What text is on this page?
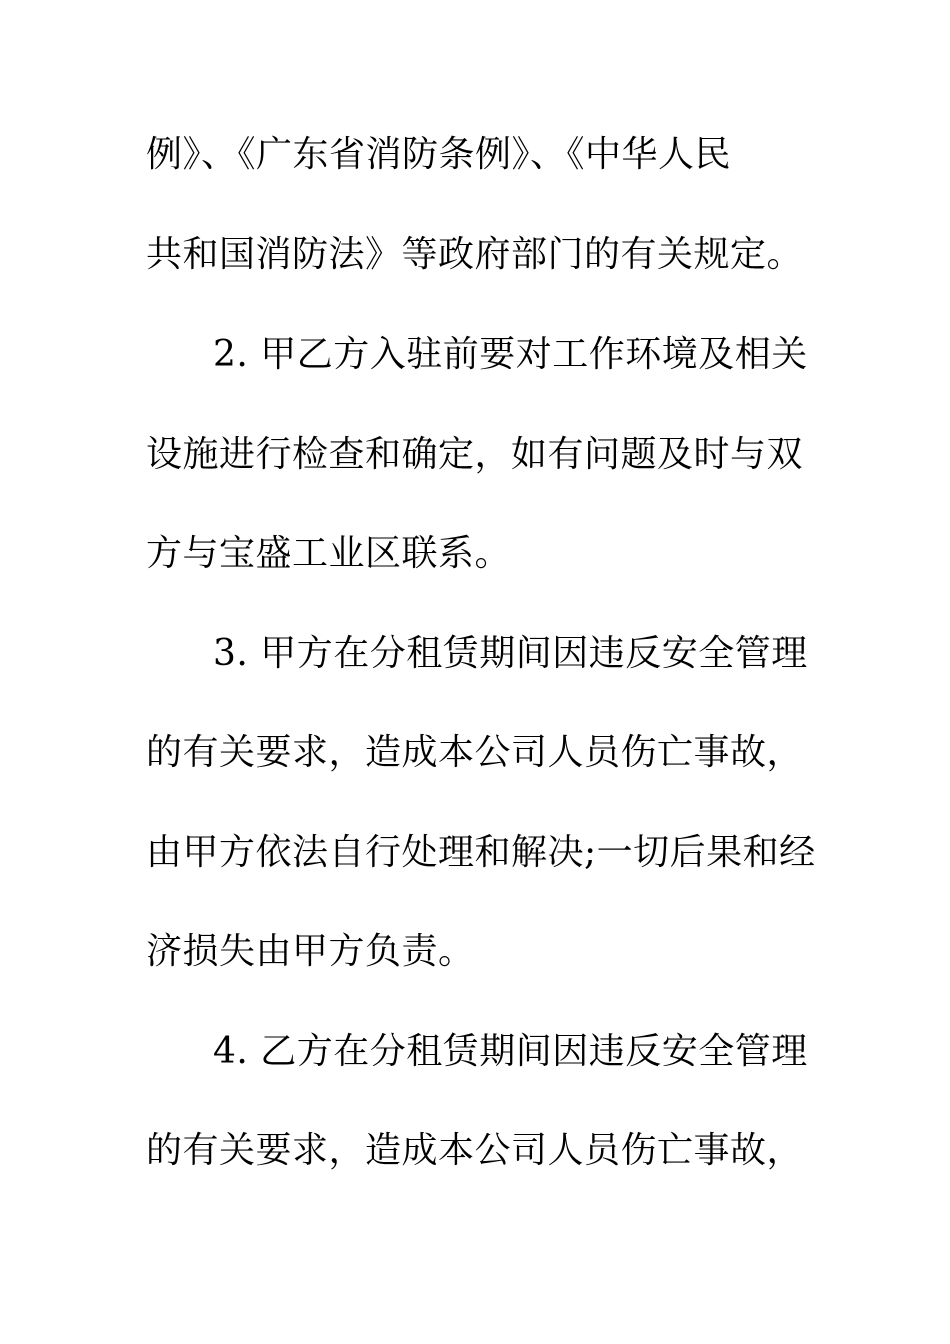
例》、《广东省消防条例》、《中华人民
共和国消防法》等政府部门的有关规定。
2. 甲乙方入驻前要对工作环境及相关
设施进行检查和确定，如有问题及时与双
方与宝盛工业区联系。
3. 甲方在分租赁期间因违反安全管理
的有关要求，造成本公司人员伤亡事故，
由甲方依法自行处理和解决;一切后果和经
济损失由甲方负责。
4. 乙方在分租赁期间因违反安全管理
的有关要求，造成本公司人员伤亡事故，
